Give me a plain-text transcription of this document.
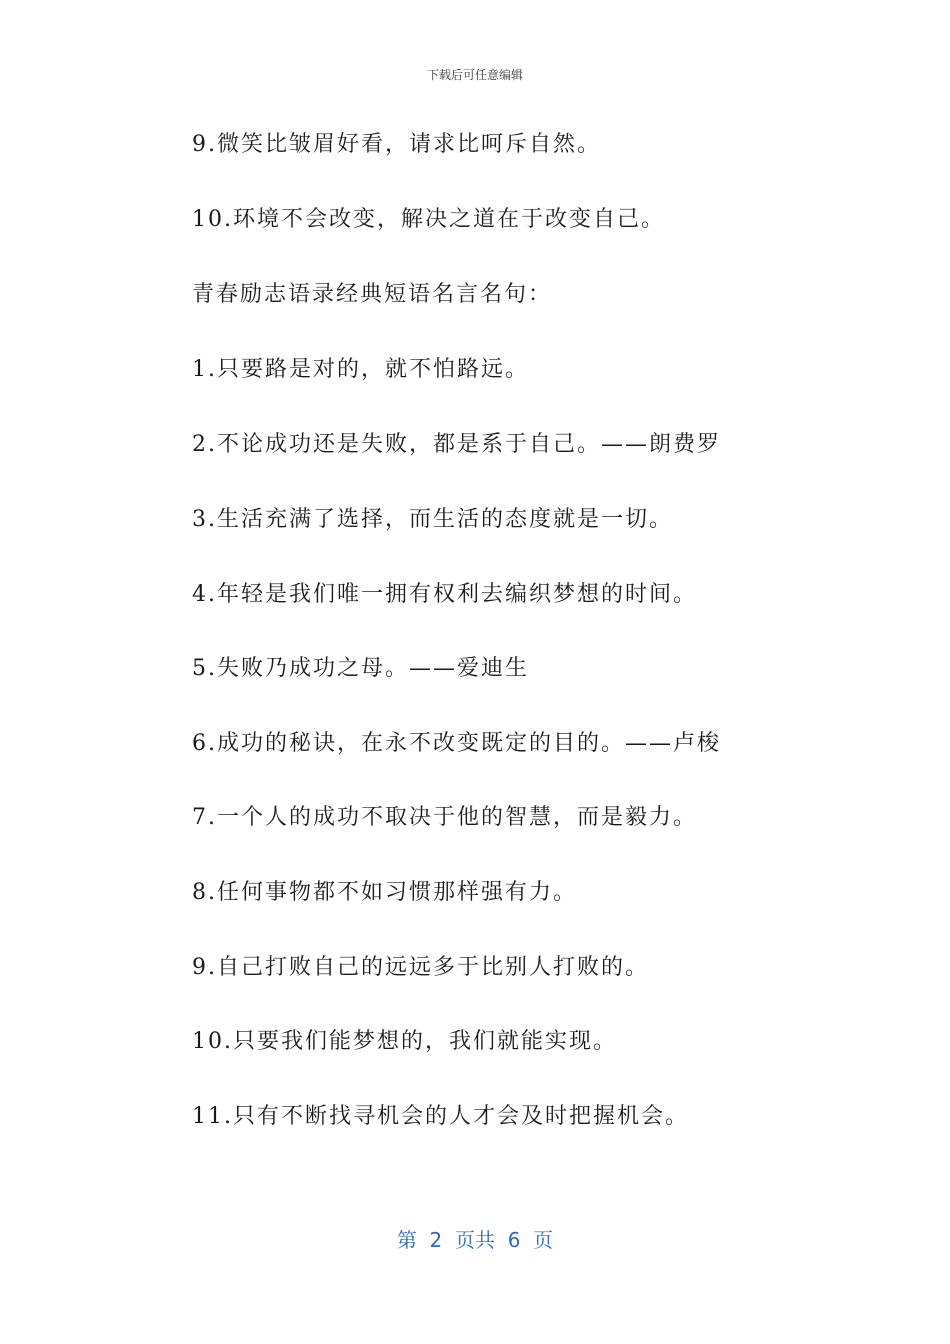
下载后可任意编辑
9.微笑比皱眉好看，请求比呵斥自然。
10.环境不会改变，解决之道在于改变自己。
青春励志语录经典短语名言名句：
1.只要路是对的，就不怕路远。
2.不论成功还是失败，都是系于自己。——朗费罗
3.生活充满了选择，而生活的态度就是一切。
4.年轻是我们唯一拥有权利去编织梦想的时间。
5.失败乃成功之母。——爱迪生
6.成功的秘诀，在永不改变既定的目的。——卢梭
7.一个人的成功不取决于他的智慧，而是毅力。
8.任何事物都不如习惯那样强有力。
9.自己打败自己的远远多于比别人打败的。
10.只要我们能梦想的，我们就能实现。
11.只有不断找寻机会的人才会及时把握机会。
第  2  页共  6  页
